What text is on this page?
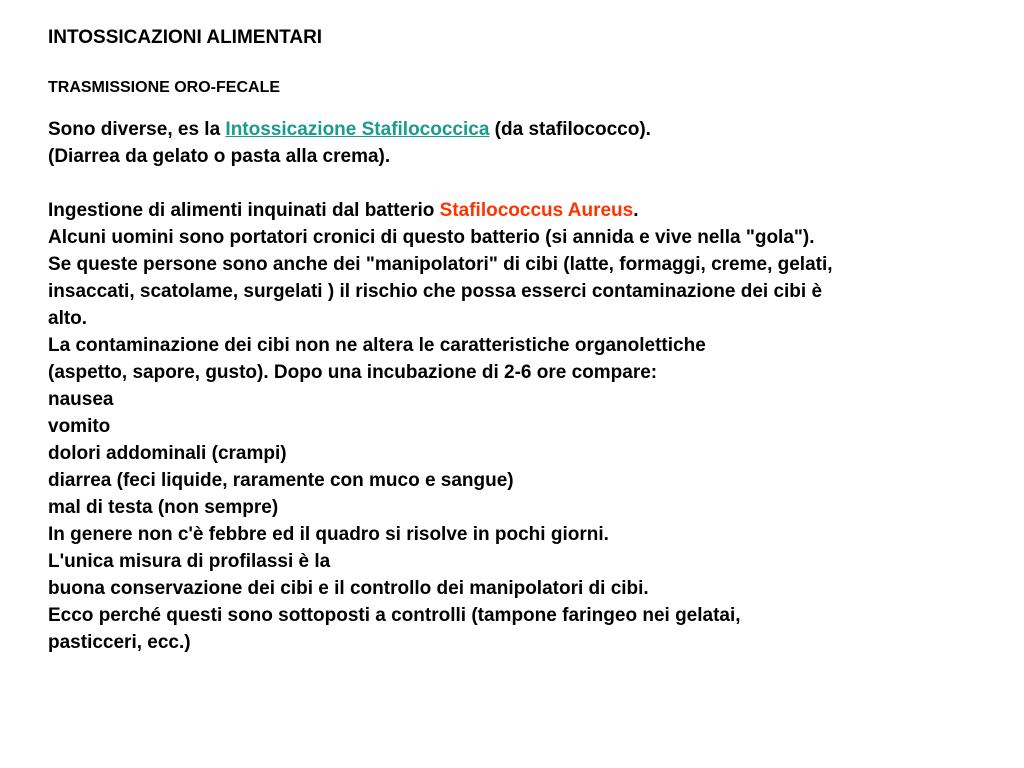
INTOSSICAZIONI ALIMENTARI
TRASMISSIONE ORO-FECALE
Sono diverse, es la Intossicazione Stafilococcica (da stafilococco).
(Diarrea da gelato o pasta alla crema).
Ingestione di alimenti inquinati dal batterio Stafilococcus Aureus.
Alcuni uomini sono portatori cronici di questo batterio (si annida e vive nella "gola").
Se queste persone sono anche dei "manipolatori" di cibi (latte, formaggi, creme, gelati,
insaccati, scatolame, surgelati ) il rischio che possa esserci contaminazione dei cibi è
alto.
La contaminazione dei cibi non ne altera le caratteristiche organolettiche
(aspetto, sapore, gusto). Dopo una incubazione di 2-6 ore compare:
nausea
vomito
dolori addominali (crampi)
diarrea (feci liquide, raramente con muco e sangue)
mal di testa (non sempre)
In genere non c'è febbre ed il quadro si risolve in pochi giorni.
L'unica misura di profilassi è la
buona conservazione dei cibi e il controllo dei manipolatori di cibi.
Ecco perché questi sono sottoposti a controlli (tampone faringeo nei gelatai,
pasticceri, ecc.)
